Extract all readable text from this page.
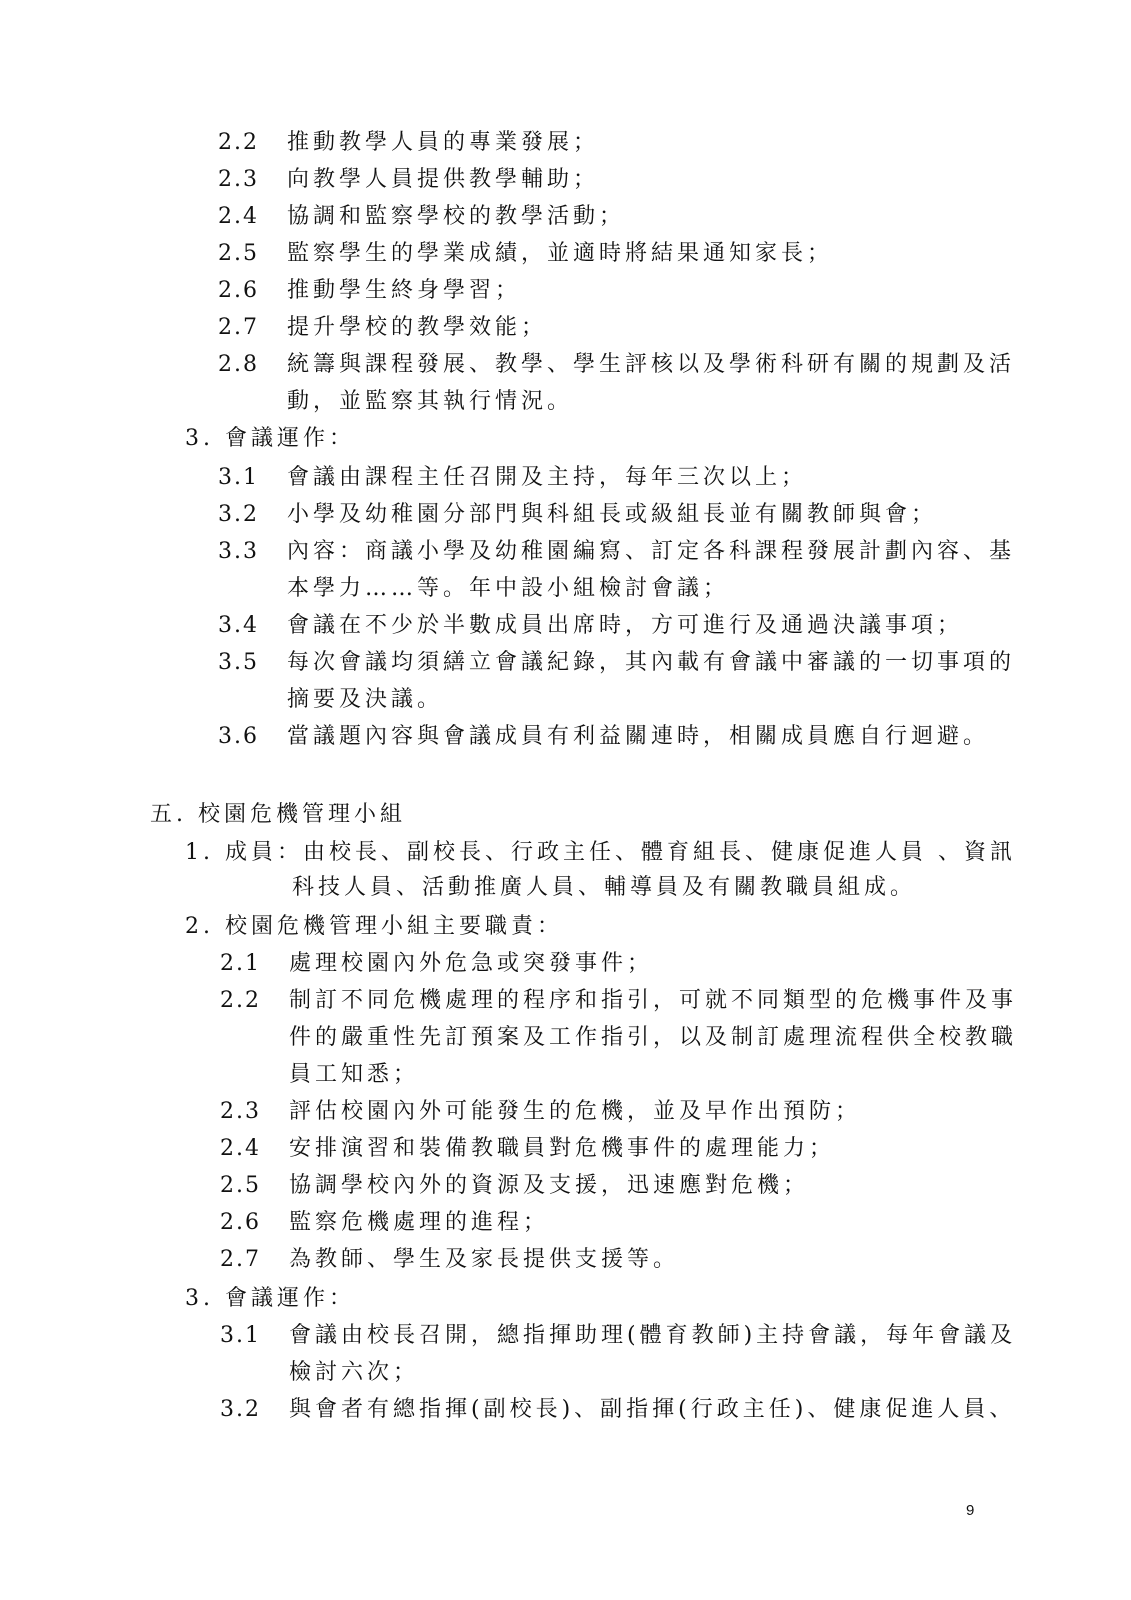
2.2 推動教學人員的專業發展；
2.3 向教學人員提供教學輔助；
2.4 協調和監察學校的教學活動；
2.5 監察學生的學業成績，並適時將結果通知家長；
2.6 推動學生終身學習；
2.7 提升學校的教學效能；
2.8 統籌與課程發展、教學、學生評核以及學術科研有關的規劃及活
動，並監察其執行情況。
3. 會議運作：
3.1 會議由課程主任召開及主持，每年三次以上；
3.2 小學及幼稚園分部門與科組長或級組長並有關教師與會；
3.3 內容：商議小學及幼稚園編寫、訂定各科課程發展計劃內容、基
本學力……等。年中設小組檢討會議；
3.4 會議在不少於半數成員出席時，方可進行及通過決議事項；
3.5 每次會議均須繕立會議紀錄，其內載有會議中審議的一切事項的
摘要及決議。
3.6 當議題內容與會議成員有利益關連時，相關成員應自行迴避。
五. 校園危機管理小組
1. 成員：由校長、副校長、行政主任、體育組長、健康促進人員 、資訊
科技人員、活動推廣人員、輔導員及有關教職員組成。
2. 校園危機管理小組主要職責：
2.1 處理校園內外危急或突發事件；
2.2 制訂不同危機處理的程序和指引，可就不同類型的危機事件及事
件的嚴重性先訂預案及工作指引，以及制訂處理流程供全校教職
員工知悉；
2.3 評估校園內外可能發生的危機，並及早作出預防；
2.4 安排演習和裝備教職員對危機事件的處理能力；
2.5 協調學校內外的資源及支援，迅速應對危機；
2.6 監察危機處理的進程；
2.7 為教師、學生及家長提供支援等。
3. 會議運作：
3.1 會議由校長召開，總指揮助理(體育教師)主持會議，每年會議及
檢討六次；
3.2 與會者有總指揮(副校長)、副指揮(行政主任)、健康促進人員、
9
